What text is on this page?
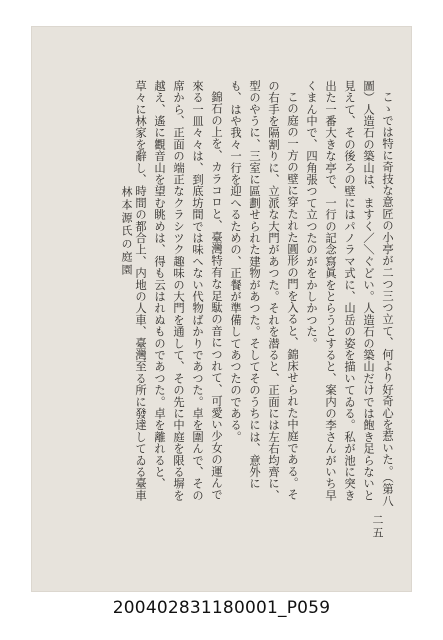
こゝでは特に奇技な意匠の小亭が二つ三つ立て、何より好奇心を惹いた。（第八圖）人造石の築山は、ますく／＼ぐどい。人造石の築山だけでは飽き足らないと見えて、その後ろの壁にはパノラマ式に、山岳の姿を描いてゐる。私が池に突き出た一番大きな亭で、一行の記念寫眞をとらうとすると、案内の李さんがいち早くまん中で、四角張つて立つたのがをかしかつた。

この庭の一方の壁に穿たれた圓形の門を入ると、錦床せられた中庭である。その右手を隔割りに、立派な大門があつた。それを潜ると、正面には左右均齊に、型のやうに、三室に區劃せられた建物があつた。そしてそのうちには、意外にも、はや我々一行を迎へるための、正餐が準備してあつたのである。

錦石の上を、カラコロと、臺灣特有な足駄の音につれて、可愛い少女の運んで來る一皿々々は、到底坊間では味へない代物ばかりであつた。卓を圍んで、その席から、正面の端正なクラシツク趣味の大門を通して、その先に中庭を限る塀を越え、遙に觀音山を望む眺めは、得も云はれぬものであつた。卓を離れると、草々に林家を辭し、時間の都合上、内地の人車、臺灣至る所に發達してゐる臺車

林本源氏の庭園
二五
200402831180001_P059
